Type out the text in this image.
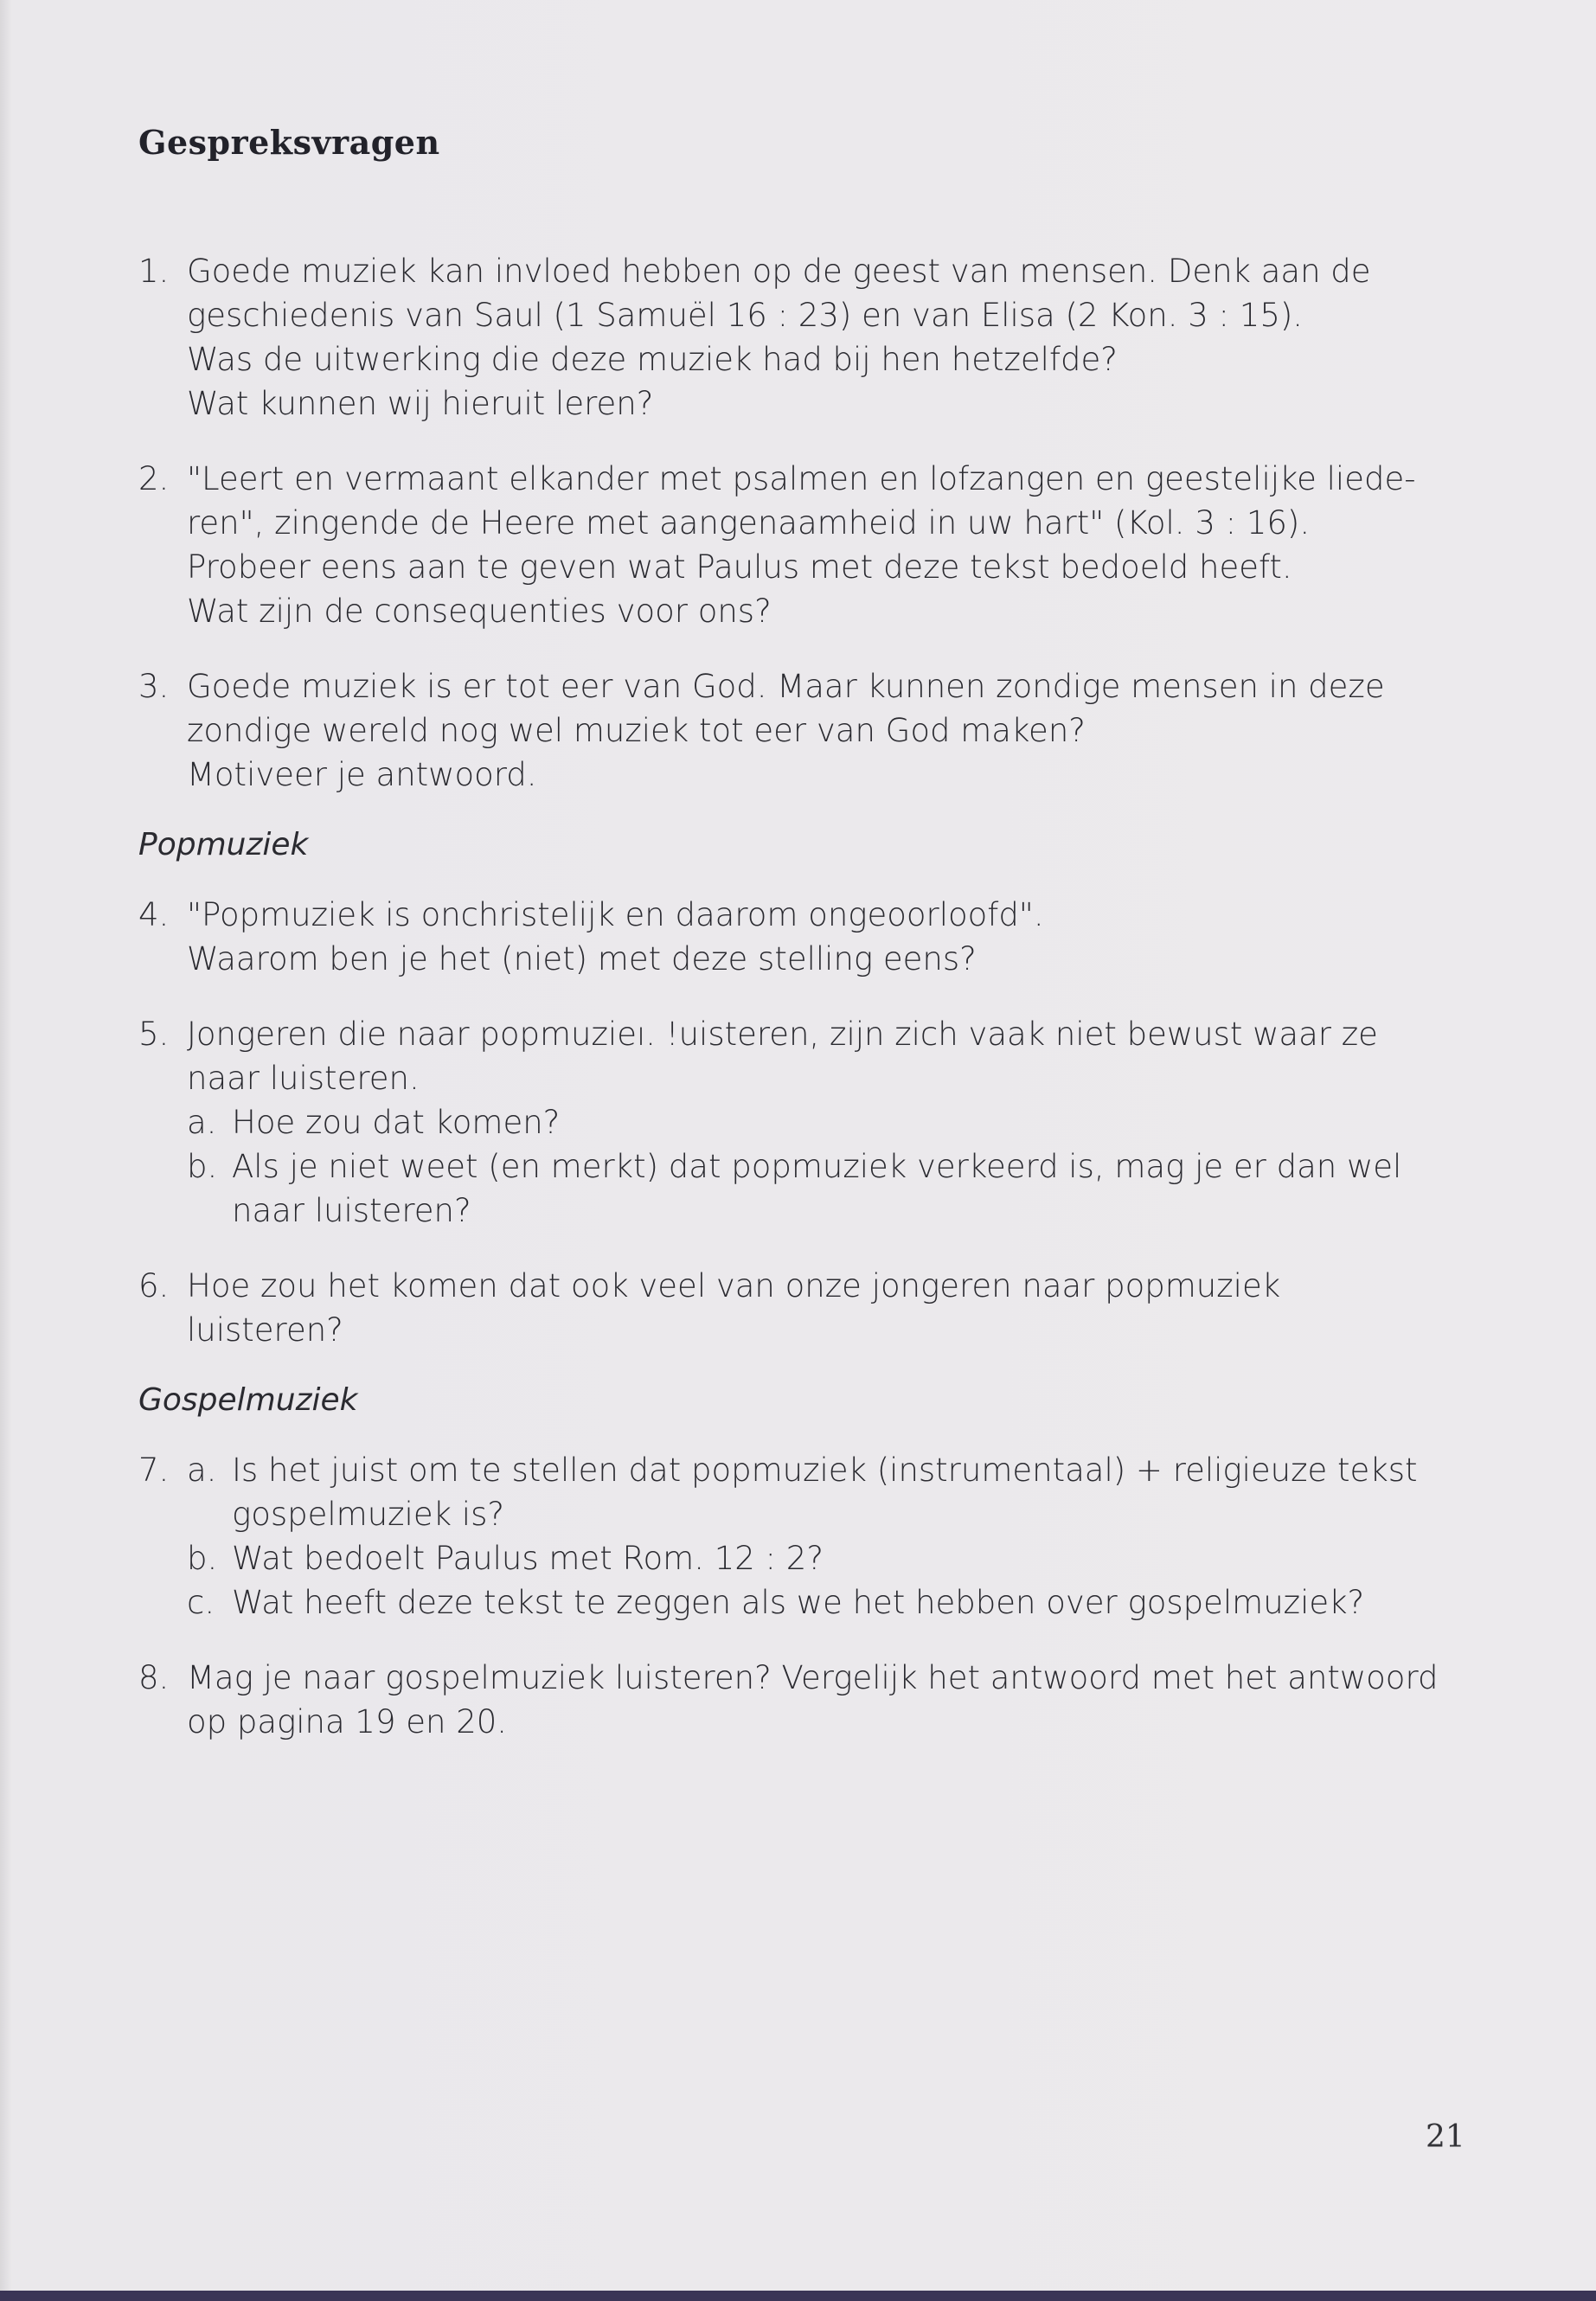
Gespreksvragen
1. Goede muziek kan invloed hebben op de geest van mensen. Denk aan de
geschiedenis van Saul (1 Samuël 16 : 23) en van Elisa (2 Kon. 3 : 15).
Was de uitwerking die deze muziek had bij hen hetzelfde?
Wat kunnen wij hieruit leren?
2. "Leert en vermaant elkander met psalmen en lofzangen en geestelijke liede-
ren", zingende de Heere met aangenaamheid in uw hart" (Kol. 3 : 16).
Probeer eens aan te geven wat Paulus met deze tekst bedoeld heeft.
Wat zijn de consequenties voor ons?
3. Goede muziek is er tot eer van God. Maar kunnen zondige mensen in deze
zondige wereld nog wel muziek tot eer van God maken?
Motiveer je antwoord.
Popmuziek
4. "Popmuziek is onchristelijk en daarom ongeoorloofd".
Waarom ben je het (niet) met deze stelling eens?
5. Jongeren die naar popmuzieı. !uisteren, zijn zich vaak niet bewust waar ze
naar luisteren.
a. Hoe zou dat komen?
b. Als je niet weet (en merkt) dat popmuziek verkeerd is, mag je er dan wel
naar luisteren?
6. Hoe zou het komen dat ook veel van onze jongeren naar popmuziek
luisteren?
Gospelmuziek
7. a. Is het juist om te stellen dat popmuziek (instrumentaal) + religieuze tekst
gospelmuziek is?
b. Wat bedoelt Paulus met Rom. 12 : 2?
c. Wat heeft deze tekst te zeggen als we het hebben over gospelmuziek?
8. Mag je naar gospelmuziek luisteren? Vergelijk het antwoord met het antwoord
op pagina 19 en 20.
21
